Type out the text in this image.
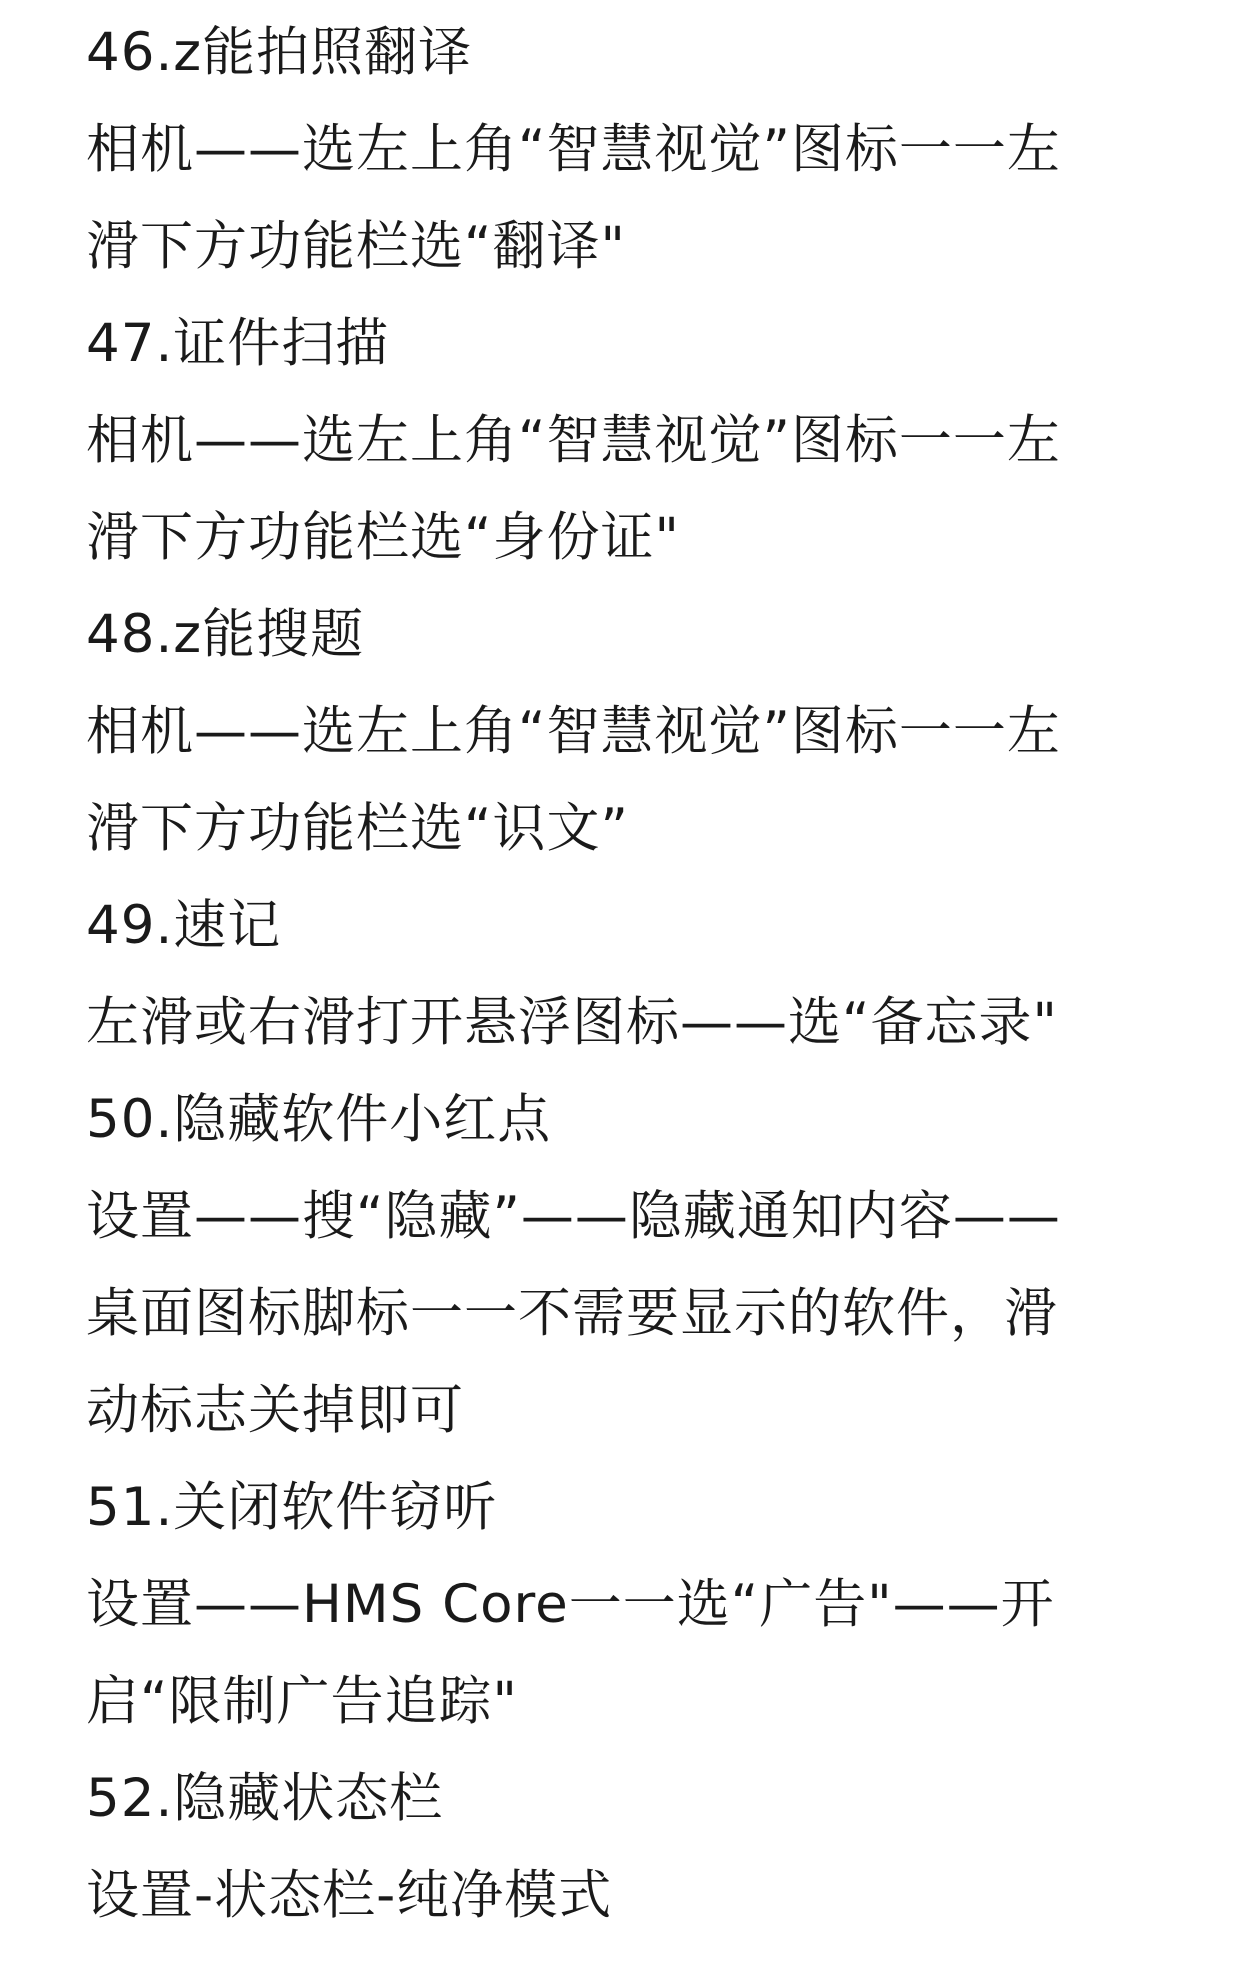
46.z能拍照翻译
相机——选左上角“智慧视觉”图标一一左
滑下方功能栏选“翻译"
47.证件扫描
相机——选左上角“智慧视觉”图标一一左
滑下方功能栏选“身份证"
48.z能搜题
相机——选左上角“智慧视觉”图标一一左
滑下方功能栏选“识文”
49.速记
左滑或右滑打开悬浮图标——选“备忘录"
50.隐藏软件小红点
设置——搜“隐藏”——隐藏通知内容——
桌面图标脚标一一不需要显示的软件，滑
动标志关掉即可
51.关闭软件窃听
设置——HMS Core一一选“广告"——开
启“限制广告追踪"
52.隐藏状态栏
设置-状态栏-纯净模式
